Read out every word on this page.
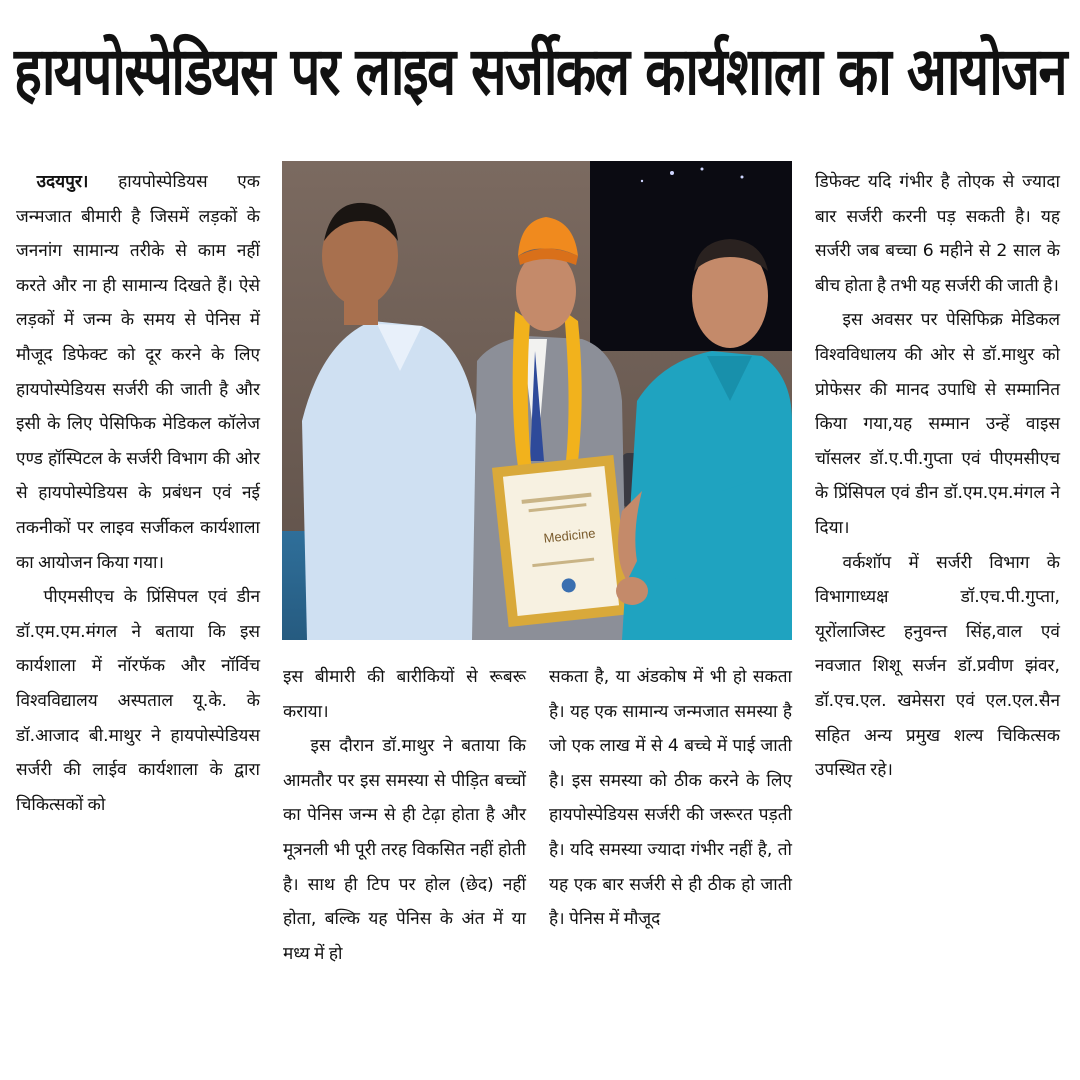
हायपोस्पेडियस पर लाइव सर्जीकल कार्यशाला का आयोजन

उदयपुर। हायपोस्पेडियस एक जन्मजात बीमारी है जिसमें लड़कों के जननांग सामान्य तरीके से काम नहीं करते और ना ही सामान्य दिखते हैं। ऐसे लड़कों में जन्म के समय से पेनिस में मौजूद डिफेक्ट को दूर करने के लिए हायपोस्पेडियस सर्जरी की जाती है और इसी के लिए पेसिफिक मेडिकल कॉलेज एण्ड हॉस्पिटल के सर्जरी विभाग की ओर से हायपोस्पेडियस के प्रबंधन एवं नई तकनीकों पर लाइव सर्जीकल कार्यशाला का आयोजन किया गया।

पीएमसीएच के प्रिंसिपल एवं डीन डॉ.एम.एम.मंगल ने बताया कि इस कार्यशाला में नॉरफॅक और नॉर्विच विश्वविद्यालय अस्पताल यू.के. के डॉ.आजाद बी.माथुर ने हायपोस्पेडियस सर्जरी की लाईव कार्यशाला के द्वारा चिकित्सकों को

Medicine

इस बीमारी की बारीकियों से रूबरू कराया।

इस दौरान डॉ.माथुर ने बताया कि आमतौर पर इस समस्या से पीड़ित बच्चों का पेनिस जन्म से ही टेढ़ा होता है और मूत्रनली भी पूरी तरह विकसित नहीं होती है। साथ ही टिप पर होल (छेद) नहीं होता, बल्कि यह पेनिस के अंत में या मध्य में हो

सकता है, या अंडकोष में भी हो सकता है। यह एक सामान्य जन्मजात समस्या है जो एक लाख में से 4 बच्चे में पाई जाती है। इस समस्या को ठीक करने के लिए हायपोस्पेडियस सर्जरी की जरूरत पड़ती है। यदि समस्या ज्यादा गंभीर नहीं है, तो यह एक बार सर्जरी से ही ठीक हो जाती है। पेनिस में मौजूद

डिफेक्ट यदि गंभीर है तोएक से ज्यादा बार सर्जरी करनी पड़ सकती है। यह सर्जरी जब बच्चा 6 महीने से 2 साल के बीच होता है तभी यह सर्जरी की जाती है।

इस अवसर पर पेसिफिक्र मेडिकल विश्वविधालय की ओर से डॉ.माथुर को प्रोफेसर की मानद उपाधि से सम्मानित किया गया,यह सम्मान उन्हें वाइस चॉसलर डॉ.ए.पी.गुप्ता एवं पीएमसीएच के प्रिंसिपल एवं डीन डॉ.एम.एम.मंगल ने दिया।

वर्कशॉप में सर्जरी विभाग के विभागाध्यक्ष डॉ.एच.पी.गुप्ता, यूरोंलाजिस्ट हनुवन्त सिंह,वाल एवं नवजात शिशू सर्जन डॉ.प्रवीण झंवर, डॉ.एच.एल. खमेसरा एवं एल.एल.सैन सहित अन्य प्रमुख शल्य चिकित्सक उपस्थित रहे।
